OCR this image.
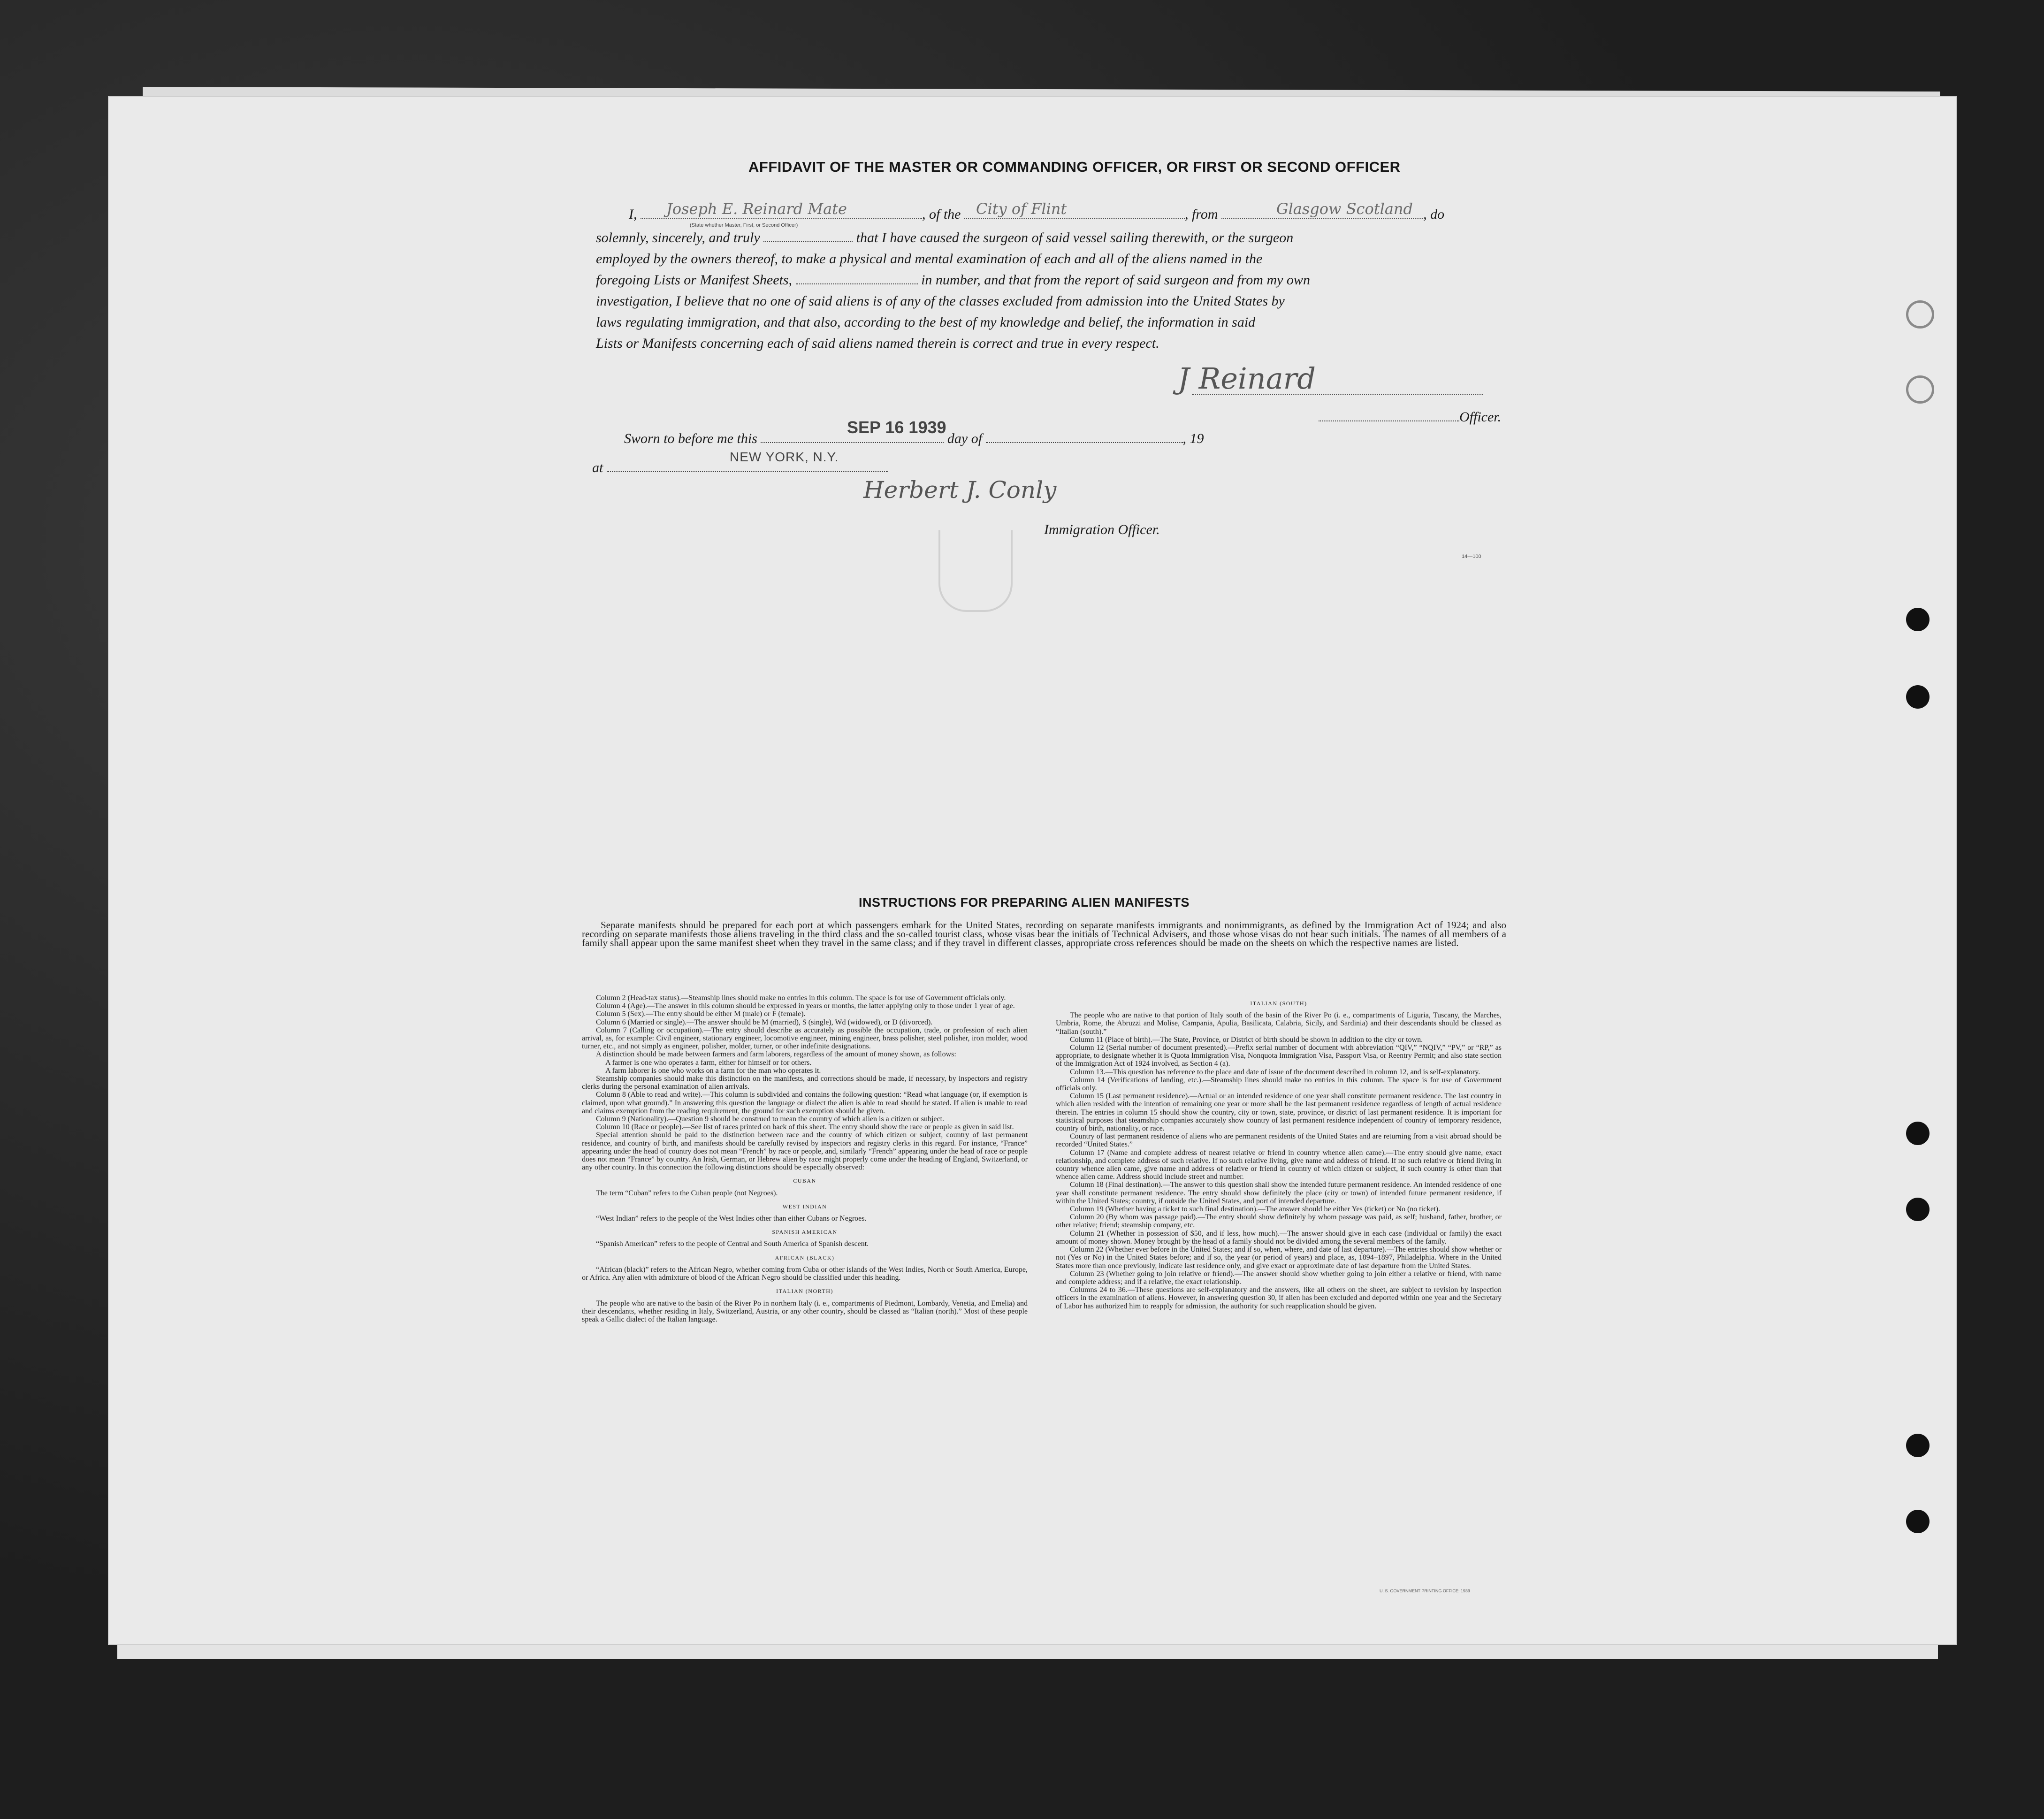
AFFIDAVIT OF THE MASTER OR COMMANDING OFFICER, OR FIRST OR SECOND OFFICER
I,	, of the	, from	, do
(State whether Master, First, or Second Officer)
Joseph E. Reinard Mate	City of Flint	Glasgow Scotland
solemnly, sincerely, and truly	that I have caused the surgeon of said vessel sailing therewith, or the surgeon
employed by the owners thereof, to make a physical and mental examination of each and all of the aliens named in the
foregoing Lists or Manifest Sheets,	in number, and that from the report of said surgeon and from my own
investigation, I believe that no one of said aliens is of any of the classes excluded from admission into the United States by
laws regulating immigration, and that also, according to the best of my knowledge and belief, the information in said
Lists or Manifests concerning each of said aliens named therein is correct and true in every respect.
J Reinard
Officer.
SEP 16 1939
Sworn to before me this	day of	, 19
NEW YORK, N.Y.
at
Herbert J. Conly
Immigration Officer.
14—100
INSTRUCTIONS FOR PREPARING ALIEN MANIFESTS
Separate manifests should be prepared for each port at which passengers embark for the United States, recording on separate manifests immigrants and nonimmigrants, as defined by the Immigration Act of 1924; and also recording on separate manifests those aliens traveling in the third class and the so-called tourist class, whose visas bear the initials of Technical Advisers, and those whose visas do not bear such initials. The names of all members of a family shall appear upon the same manifest sheet when they travel in the same class; and if they travel in different classes, appropriate cross references should be made on the sheets on which the respective names are listed.

Column 2 (Head-tax status).—Steamship lines should make no entries in this column. The space is for use of Government officials only.

Column 4 (Age).—The answer in this column should be expressed in years or months, the latter applying only to those under 1 year of age.

Column 5 (Sex).—The entry should be either M (male) or F (female).

Column 6 (Married or single).—The answer should be M (married), S (single), Wd (widowed), or D (divorced).

Column 7 (Calling or occupation).—The entry should describe as accurately as possible the occupation, trade, or profession of each alien arrival, as, for example: Civil engineer, stationary engineer, locomotive engineer, mining engineer, brass polisher, steel polisher, iron molder, wood turner, etc., and not simply as engineer, polisher, molder, turner, or other indefinite designations.

A distinction should be made between farmers and farm laborers, regardless of the amount of money shown, as follows:

A farmer is one who operates a farm, either for himself or for others.

A farm laborer is one who works on a farm for the man who operates it.

Steamship companies should make this distinction on the manifests, and corrections should be made, if necessary, by inspectors and registry clerks during the personal examination of alien arrivals.

Column 8 (Able to read and write).—This column is subdivided and contains the following question: “Read what language (or, if exemption is claimed, upon what ground).” In answering this question the language or dialect the alien is able to read should be stated. If alien is unable to read and claims exemption from the reading requirement, the ground for such exemption should be given.

Column 9 (Nationality).—Question 9 should be construed to mean the country of which alien is a citizen or subject.

Column 10 (Race or people).—See list of races printed on back of this sheet. The entry should show the race or people as given in said list.

Special attention should be paid to the distinction between race and the country of which citizen or subject, country of last permanent residence, and country of birth, and manifests should be carefully revised by inspectors and registry clerks in this regard. For instance, “France” appearing under the head of country does not mean “French” by race or people, and, similarly “French” appearing under the head of race or people does not mean “France” by country. An Irish, German, or Hebrew alien by race might properly come under the heading of England, Switzerland, or any other country. In this connection the following distinctions should be especially observed:

CUBAN

The term “Cuban” refers to the Cuban people (not Negroes).

WEST INDIAN

“West Indian” refers to the people of the West Indies other than either Cubans or Negroes.

SPANISH AMERICAN

“Spanish American” refers to the people of Central and South America of Spanish descent.

AFRICAN (BLACK)

“African (black)” refers to the African Negro, whether coming from Cuba or other islands of the West Indies, North or South America, Europe, or Africa. Any alien with admixture of blood of the African Negro should be classified under this heading.

ITALIAN (NORTH)

The people who are native to the basin of the River Po in northern Italy (i. e., compartments of Piedmont, Lombardy, Venetia, and Emelia) and their descendants, whether residing in Italy, Switzerland, Austria, or any other country, should be classed as “Italian (north).” Most of these people speak a Gallic dialect of the Italian language.

ITALIAN (SOUTH)

The people who are native to that portion of Italy south of the basin of the River Po (i. e., compartments of Liguria, Tuscany, the Marches, Umbria, Rome, the Abruzzi and Molise, Campania, Apulia, Basilicata, Calabria, Sicily, and Sardinia) and their descendants should be classed as “Italian (south).”

Column 11 (Place of birth).—The State, Province, or District of birth should be shown in addition to the city or town.

Column 12 (Serial number of document presented).—Prefix serial number of document with abbreviation “QIV,” “NQIV,” “PV,” or “RP,” as appropriate, to designate whether it is Quota Immigration Visa, Nonquota Immigration Visa, Passport Visa, or Reentry Permit; and also state section of the Immigration Act of 1924 involved, as Section 4 (a).

Column 13.—This question has reference to the place and date of issue of the document described in column 12, and is self-explanatory.

Column 14 (Verifications of landing, etc.).—Steamship lines should make no entries in this column. The space is for use of Government officials only.

Column 15 (Last permanent residence).—Actual or an intended residence of one year shall constitute permanent residence. The last country in which alien resided with the intention of remaining one year or more shall be the last permanent residence regardless of length of actual residence therein. The entries in column 15 should show the country, city or town, state, province, or district of last permanent residence. It is important for statistical purposes that steamship companies accurately show country of last permanent residence independent of country of temporary residence, country of birth, nationality, or race.

Country of last permanent residence of aliens who are permanent residents of the United States and are returning from a visit abroad should be recorded “United States.”

Column 17 (Name and complete address of nearest relative or friend in country whence alien came).—The entry should give name, exact relationship, and complete address of such relative. If no such relative living, give name and address of friend. If no such relative or friend living in country whence alien came, give name and address of relative or friend in country of which citizen or subject, if such country is other than that whence alien came. Address should include street and number.

Column 18 (Final destination).—The answer to this question shall show the intended future permanent residence. An intended residence of one year shall constitute permanent residence. The entry should show definitely the place (city or town) of intended future permanent residence, if within the United States; country, if outside the United States, and port of intended departure.

Column 19 (Whether having a ticket to such final destination).—The answer should be either Yes (ticket) or No (no ticket).

Column 20 (By whom was passage paid).—The entry should show definitely by whom passage was paid, as self; husband, father, brother, or other relative; friend; steamship company, etc.

Column 21 (Whether in possession of $50, and if less, how much).—The answer should give in each case (individual or family) the exact amount of money shown. Money brought by the head of a family should not be divided among the several members of the family.

Column 22 (Whether ever before in the United States; and if so, when, where, and date of last departure).—The entries should show whether or not (Yes or No) in the United States before; and if so, the year (or period of years) and place, as, 1894–1897, Philadelphia. Where in the United States more than once previously, indicate last residence only, and give exact or approximate date of last departure from the United States.

Column 23 (Whether going to join relative or friend).—The answer should show whether going to join either a relative or friend, with name and complete address; and if a relative, the exact relationship.

Columns 24 to 36.—These questions are self-explanatory and the answers, like all others on the sheet, are subject to revision by inspection officers in the examination of aliens. However, in answering question 30, if alien has been excluded and deported within one year and the Secretary of Labor has authorized him to reapply for admission, the authority for such reapplication should be given.

U. S. GOVERNMENT PRINTING OFFICE: 1939
